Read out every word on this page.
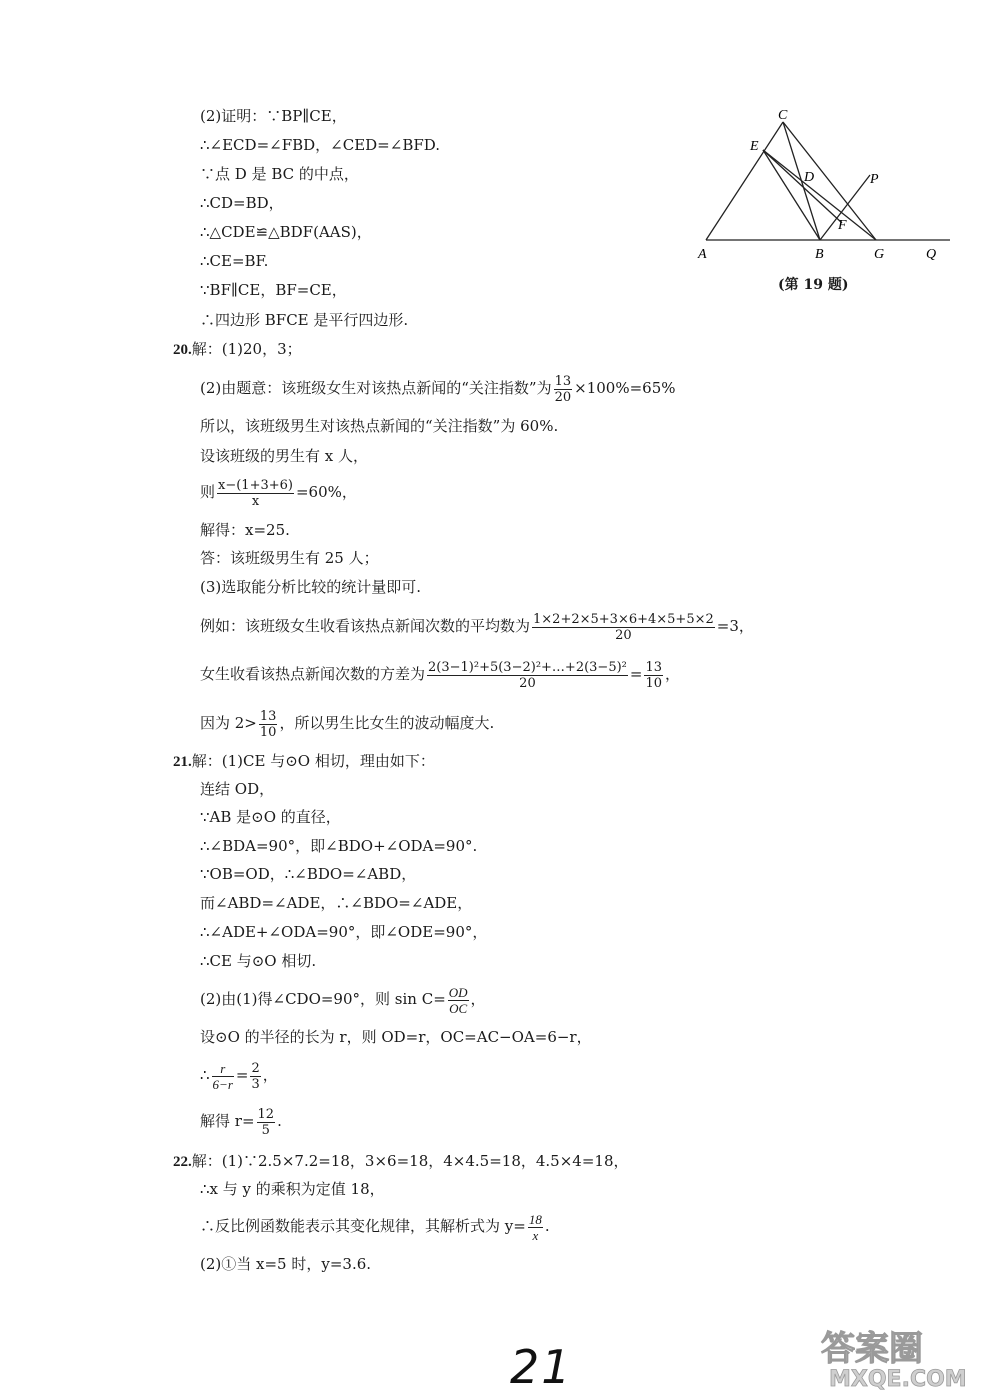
(2)证明：∵BP∥CE，
∴∠ECD=∠FBD，∠CED=∠BFD.
∵点 D 是 BC 的中点，
∴CD=BD，
∴△CDE≌△BDF(AAS)，
∴CE=BF.
∵BF∥CE，BF=CE，
∴四边形 BFCE 是平行四边形.
C
E
D	P
F
A	B	G	Q
(第 19 题)
20.解：(1)20，3；
(2)由题意：该班级女生对该热点新闻的“关注指数”为 $\frac{13}{20} \times 100\%=65\%$
所以，该班级男生对该热点新闻的“关注指数”为 60%.
设该班级的男生有 x 人，
则 $\frac{x-(1+3+6)}{x} =60\%$，
解得：x=25.
答：该班级男生有 25 人；
(3)选取能分析比较的统计量即可.
例如：该班级女生收看该热点新闻次数的平均数为 $\frac{1\times 2+2\times 5+3\times 6+4\times 5+5\times 2}{20} =3$，
女生收看该热点新闻次数的方差为 $\frac{\text{2(3−1)²+5(3−2)²+…+2(3−5)²}}{20} = \frac{13}{10}$ ，
因为 $2> \frac{13}{10}$ ，所以男生比女生的波动幅度大.
21.解：(1)CE 与⊙O 相切，理由如下：
连结 OD，
∵AB 是⊙O 的直径，
∴∠BDA=90°，即∠BDO+∠ODA=90°.
∵OB=OD，∴∠BDO=∠ABD，
而∠ABD=∠ADE，∴∠BDO=∠ADE，
∴∠ADE+∠ODA=90°，即∠ODE=90°，
∴CE 与⊙O 相切.
(2)由(1)得∠CDO=90°，则 $\sin C= \frac{OD}{OC}$ ，
设⊙O 的半径的长为 r，则 OD=r，OC=AC−OA=6−r，
∴ $\frac{r}{6-r} = \frac{2}{3}$ ，
解得 $r= \frac{12}{5}$ .
22.解：(1)∵2.5×7.2=18，3×6=18，4×4.5=18，4.5×4=18，
∴x 与 y 的乘积为定值 18，
∴反比例函数能表示其变化规律，其解析式为 $y= \frac{18}{x}$ .
(2)①当 x=5 时，y=3.6.
21	答案圈
MXQE.COM
